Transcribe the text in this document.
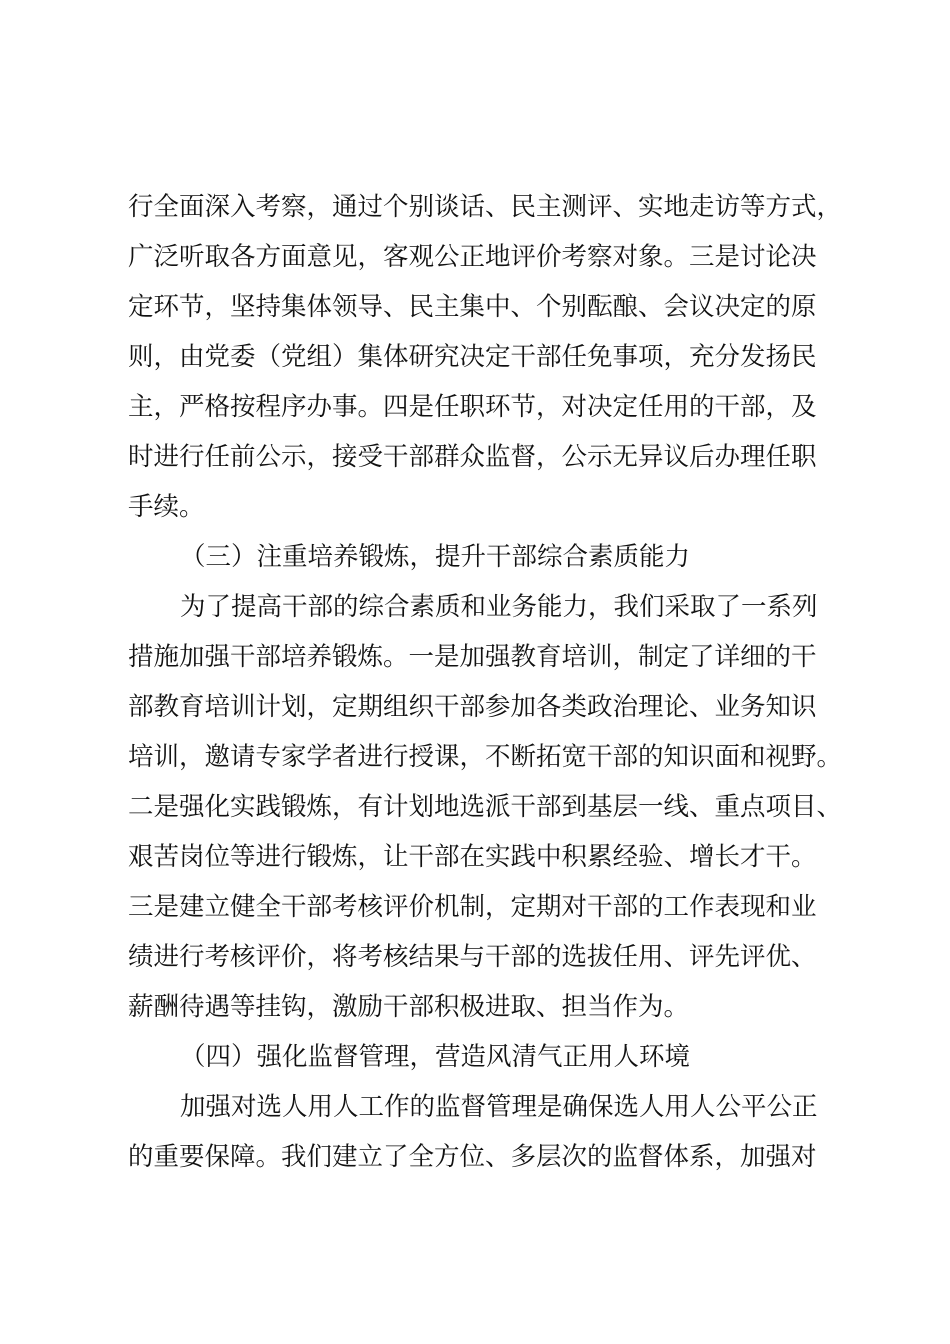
行全面深入考察，通过个别谈话、民主测评、实地走访等方式，
广泛听取各方面意见，客观公正地评价考察对象。三是讨论决
定环节，坚持集体领导、民主集中、个别酝酿、会议决定的原
则，由党委（党组）集体研究决定干部任免事项，充分发扬民
主，严格按程序办事。四是任职环节，对决定任用的干部，及
时进行任前公示，接受干部群众监督，公示无异议后办理任职
手续。
（三）注重培养锻炼，提升干部综合素质能力
为了提高干部的综合素质和业务能力，我们采取了一系列
措施加强干部培养锻炼。一是加强教育培训，制定了详细的干
部教育培训计划，定期组织干部参加各类政治理论、业务知识
培训，邀请专家学者进行授课，不断拓宽干部的知识面和视野。
二是强化实践锻炼，有计划地选派干部到基层一线、重点项目、
艰苦岗位等进行锻炼，让干部在实践中积累经验、增长才干。
三是建立健全干部考核评价机制，定期对干部的工作表现和业
绩进行考核评价，将考核结果与干部的选拔任用、评先评优、
薪酬待遇等挂钩，激励干部积极进取、担当作为。
（四）强化监督管理，营造风清气正用人环境
加强对选人用人工作的监督管理是确保选人用人公平公正
的重要保障。我们建立了全方位、多层次的监督体系，加强对
